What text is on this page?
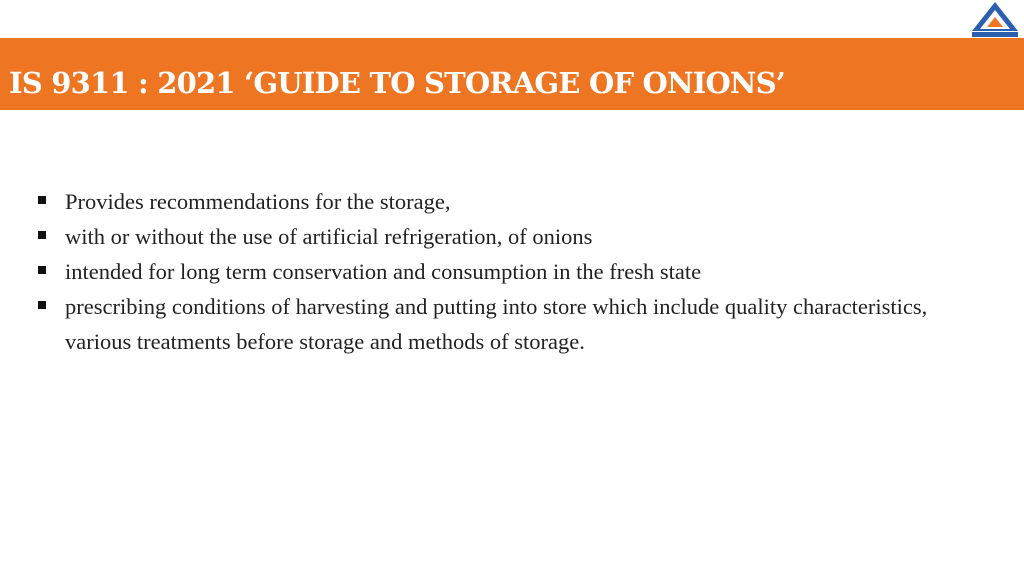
IS 9311 : 2021 ‘GUIDE TO STORAGE OF ONIONS’
Provides recommendations for the storage,
with or without the use of artificial refrigeration, of onions
intended for long term conservation and consumption in the fresh state
prescribing conditions of harvesting and putting into store which include quality characteristics, various treatments before storage and methods of storage.
